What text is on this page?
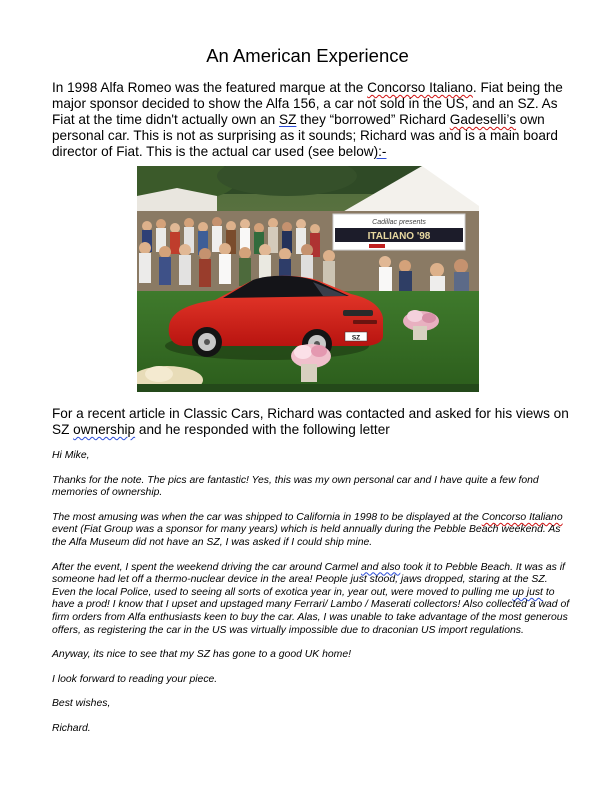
An American Experience

In 1998 Alfa Romeo was the featured marque at the Concorso Italiano. Fiat being the major sponsor decided to show the Alfa 156, a car not sold in the US, and an SZ. As Fiat at the time didn't actually own an SZ they “borrowed” Richard Gadeselli’s own personal car. This is not as surprising as it sounds; Richard was and is a main board director of Fiat. This is the actual car used (see below):-

Cadillac presents
ITALIANO '98
SZ

For a recent article in Classic Cars, Richard was contacted and asked for his views on SZ ownership and he responded with the following letter

Hi Mike,

Thanks for the note. The pics are fantastic! Yes, this was my own personal car and I have quite a few fond memories of ownership.

The most amusing was when the car was shipped to California in 1998 to be displayed at the Concorso Italiano event (Fiat Group was a sponsor for many years) which is held annually during the Pebble Beach weekend. As the Alfa Museum did not have an SZ, I was asked if I could ship mine.

After the event, I spent the weekend driving the car around Carmel and also took it to Pebble Beach. It was as if someone had let off a thermo-nuclear device in the area! People just stood, jaws dropped, staring at the SZ. Even the local Police, used to seeing all sorts of exotica year in, year out, were moved to pulling me up just to have a prod! I know that I upset and upstaged many Ferrari/ Lambo / Maserati collectors! Also collected a wad of firm orders from Alfa enthusiasts keen to buy the car. Alas, I was unable to take advantage of the most generous offers, as registering the car in the US was virtually impossible due to draconian US import regulations.

Anyway, its nice to see that my SZ has gone to a good UK home!

I look forward to reading your piece.

Best wishes,

Richard.
